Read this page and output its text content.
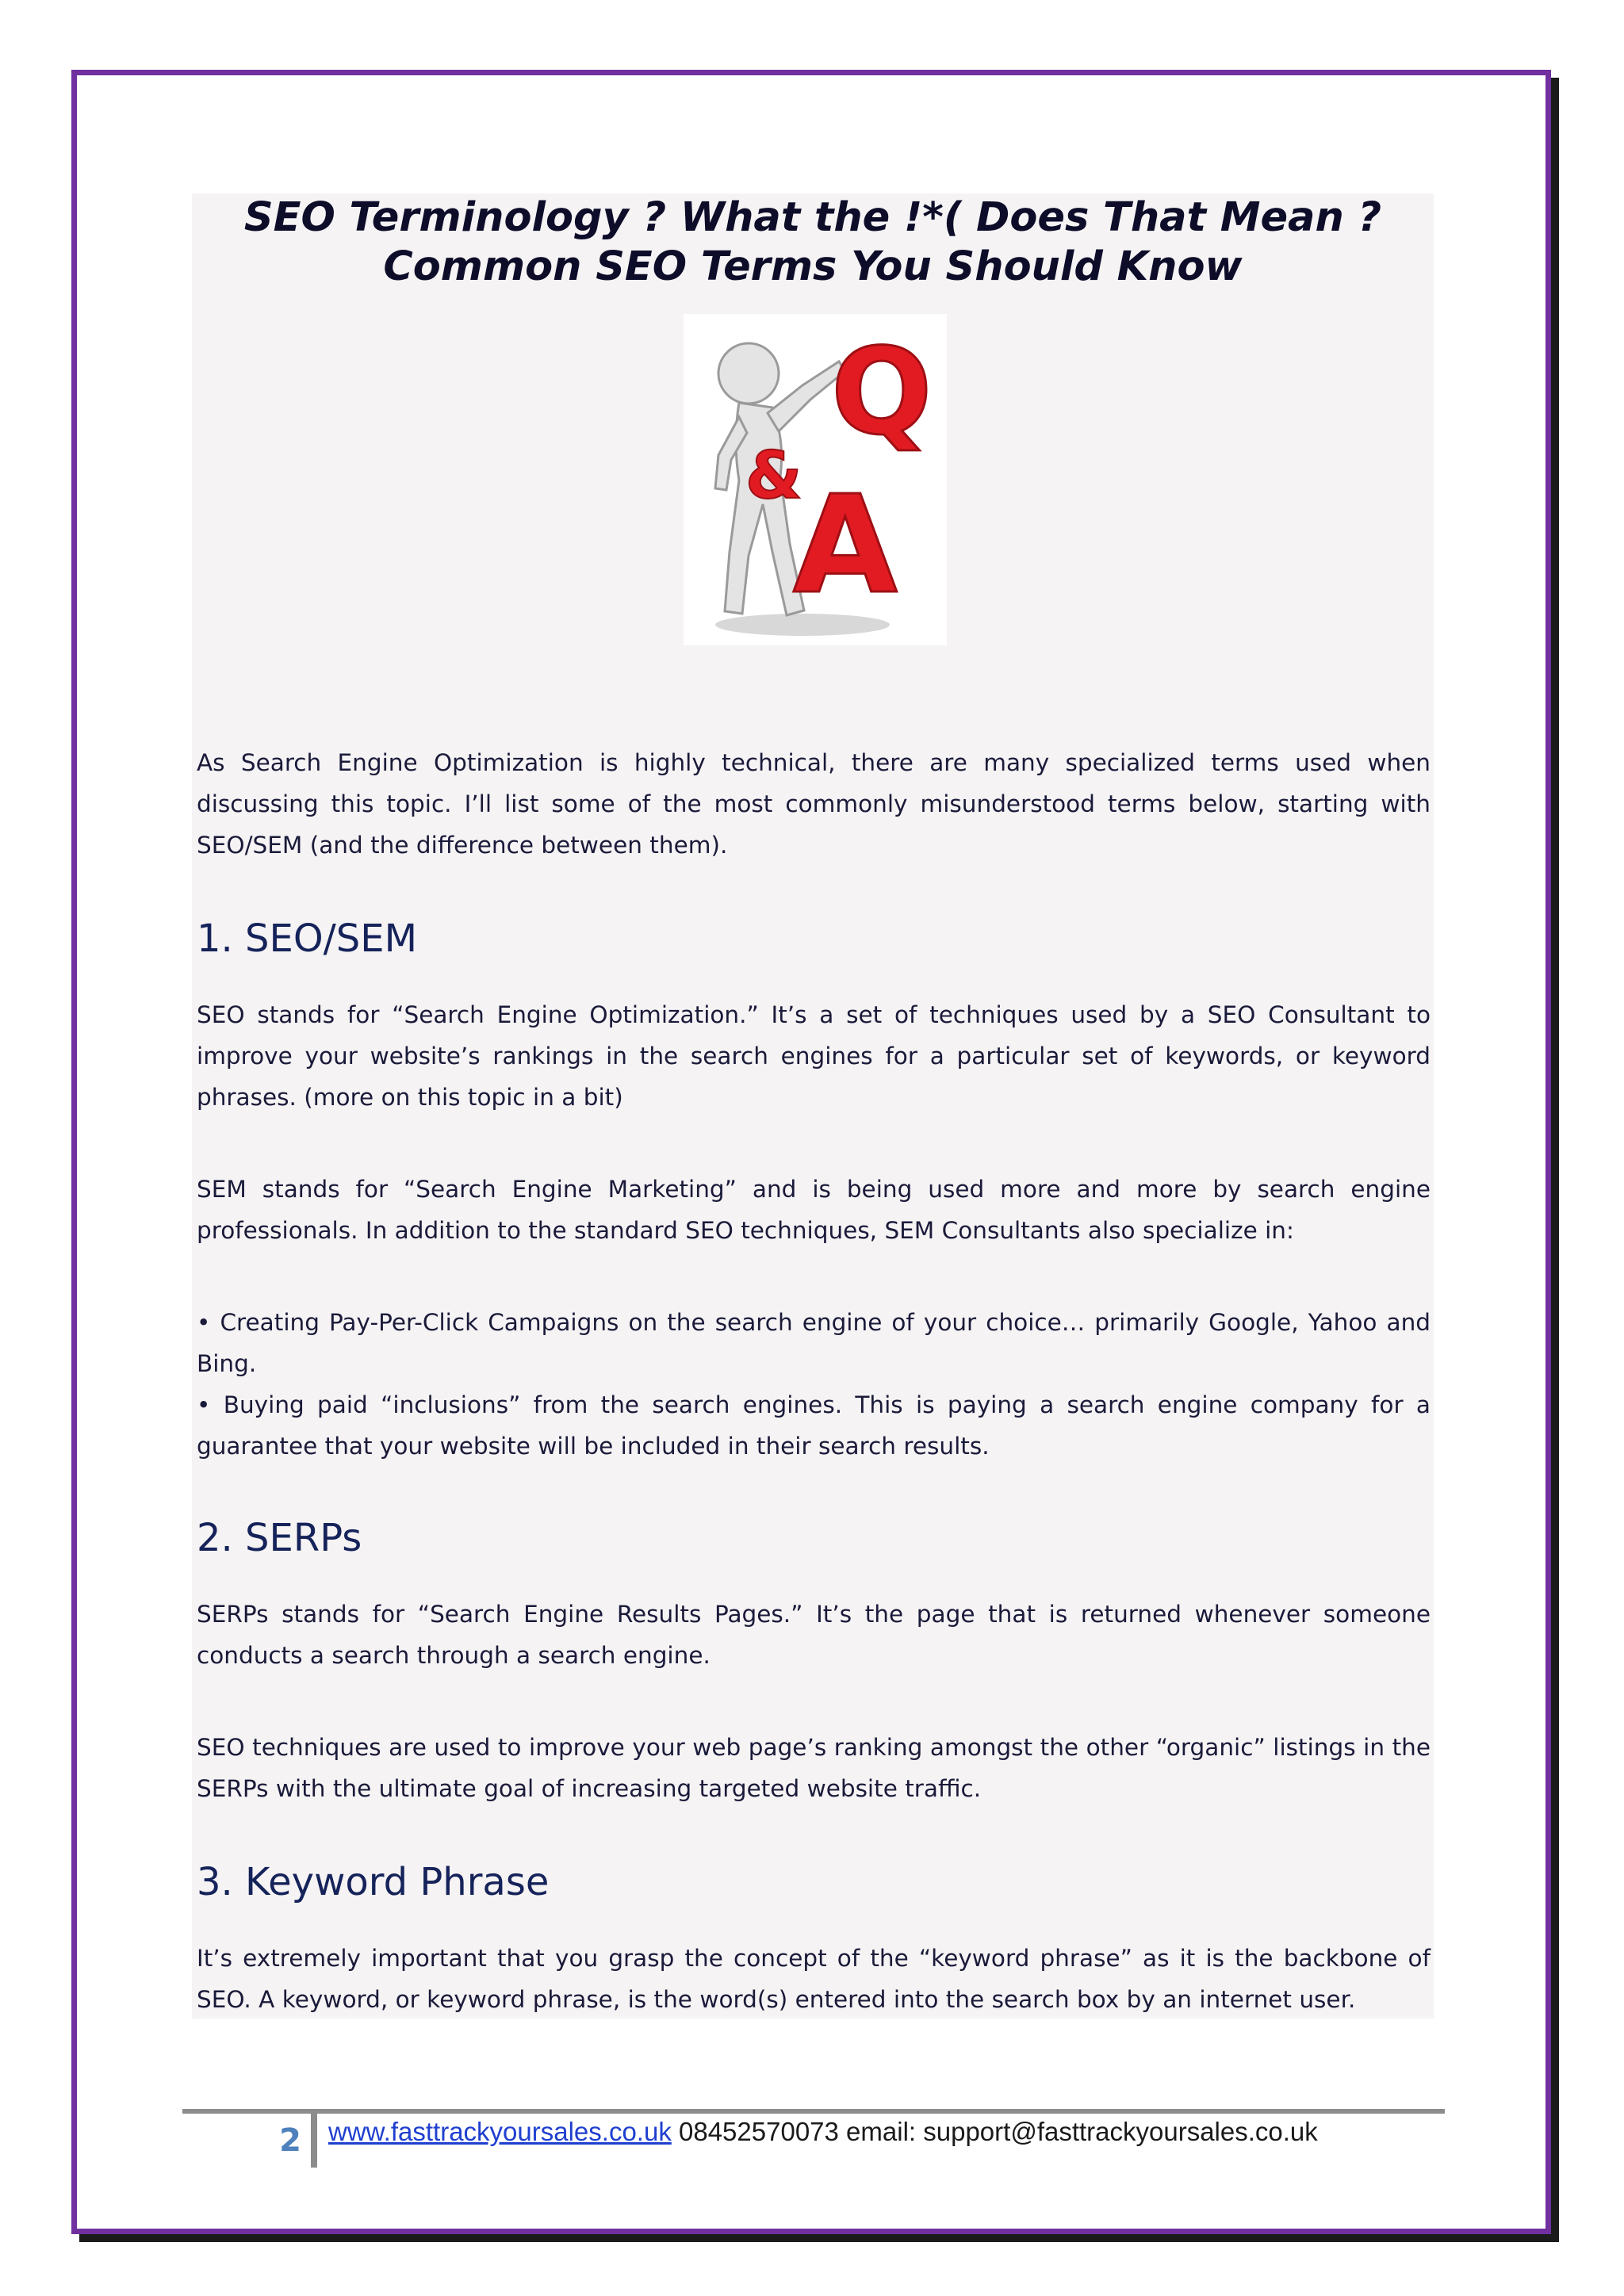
SEO Terminology ? What the !*( Does That Mean ? Common SEO Terms You Should Know
Q
&
A

As Search Engine Optimization is highly technical, there are many specialized terms used when discussing this topic. I’ll list some of the most commonly misunderstood terms below, starting with SEO/SEM (and the difference between them).

1. SEO/SEM

SEO stands for “Search Engine Optimization.” It’s a set of techniques used by a SEO Consultant to improve your website’s rankings in the search engines for a particular set of keywords, or keyword phrases. (more on this topic in a bit)

SEM stands for “Search Engine Marketing” and is being used more and more by search engine professionals. In addition to the standard SEO techniques, SEM Consultants also specialize in:

• Creating Pay-Per-Click Campaigns on the search engine of your choice… primarily Google, Yahoo and Bing.

• Buying paid “inclusions” from the search engines. This is paying a search engine company for a guarantee that your website will be included in their search results.

2. SERPs

SERPs stands for “Search Engine Results Pages.” It’s the page that is returned whenever someone conducts a search through a search engine.

SEO techniques are used to improve your web page’s ranking amongst the other “organic” listings in the SERPs with the ultimate goal of increasing targeted website traffic.

3. Keyword Phrase

It’s extremely important that you grasp the concept of the “keyword phrase” as it is the backbone of SEO. A keyword, or keyword phrase, is the word(s) entered into the search box by an internet user.

2 www.fasttrackyoursales.co.uk 08452570073 email: support@fasttrackyoursales.co.uk
